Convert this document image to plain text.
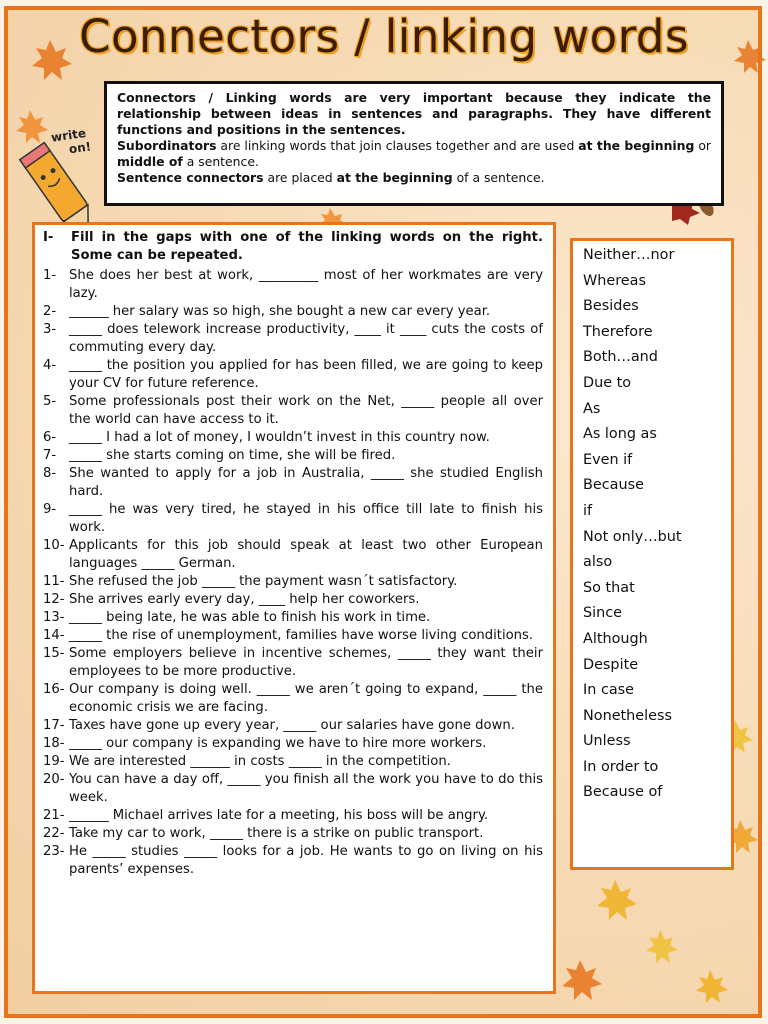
write
on!
Connectors / linking words

Connectors / Linking words are very important because they indicate the relationship between ideas in sentences and paragraphs. They have different functions and positions in the sentences.

Subordinators are linking words that join clauses together and are used at the beginning or middle of a sentence.

Sentence connectors are placed at the beginning of a sentence.

I-	Fill in the gaps with one of the linking words on the right. Some can be repeated.
1- She does her best at work, _________ most of her workmates are very lazy.
2- ______ her salary was so high, she bought a new car every year.
3- _____ does telework increase productivity, ____ it ____ cuts the costs of commuting every day.
4- _____ the position you applied for has been filled, we are going to keep your CV for future reference.
5- Some professionals post their work on the Net, _____ people all over the world can have access to it.
6- _____ I had a lot of money, I wouldn’t invest in this country now.
7- _____ she starts coming on time, she will be fired.
8- She wanted to apply for a job in Australia, _____ she studied English hard.
9- _____ he was very tired, he stayed in his office till late to finish his work.
10- Applicants for this job should speak at least two other European languages _____ German.
11- She refused the job _____ the payment wasn´t satisfactory.
12- She arrives early every day, ____ help her coworkers.
13- _____ being late, he was able to finish his work in time.
14- _____ the rise of unemployment, families have worse living conditions.
15- Some employers believe in incentive schemes, _____ they want their employees to be more productive.
16- Our company is doing well. _____ we aren´t going to expand, _____ the economic crisis we are facing.
17- Taxes have gone up every year, _____ our salaries have gone down.
18- _____ our company is expanding we have to hire more workers.
19- We are interested ______ in costs _____ in the competition.
20- You can have a day off, _____ you finish all the work you have to do this week.
21- ______ Michael arrives late for a meeting, his boss will be angry.
22- Take my car to work, _____ there is a strike on public transport.
23- He _____ studies _____ looks for a job. He wants to go on living on his parents’ expenses.
Neither…nor
Whereas
Besides
Therefore
Both…and
Due to
As
As long as
Even if
Because
if
Not only…but
also
So that
Since
Although
Despite
In case
Nonetheless
Unless
In order to
Because of
